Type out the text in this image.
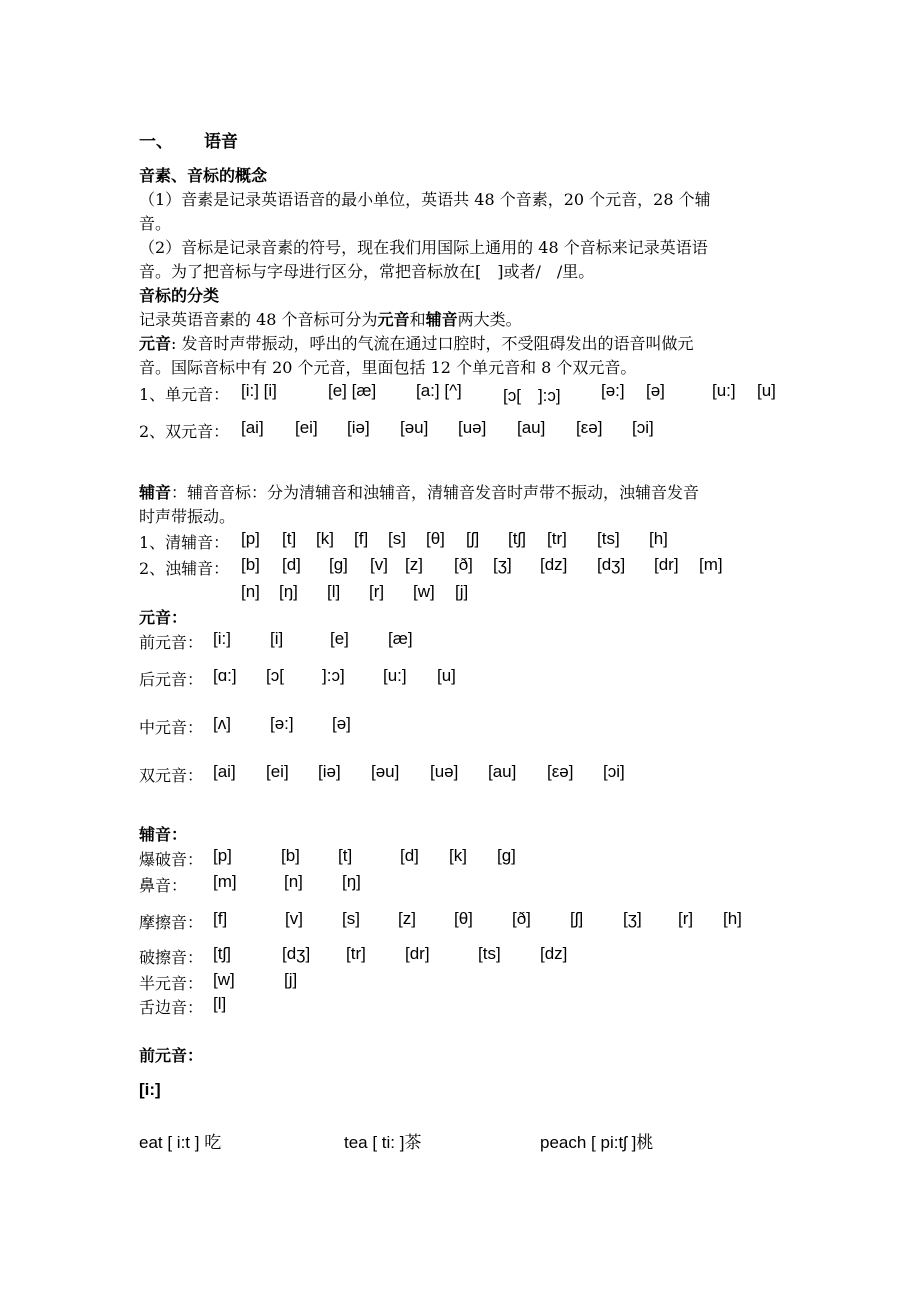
一、 语音
音素、音标的概念
（1）音素是记录英语语音的最小单位，英语共 48 个音素，20 个元音，28 个辅
音。
（2）音标是记录音素的符号，现在我们用国际上通用的 48 个音标来记录英语语
音。为了把音标与字母进行区分，常把音标放在[　]或者/　/里。
音标的分类
记录英语音素的 48 个音标可分为元音和辅音两大类。
元音: 发音时声带振动，呼出的气流在通过口腔时，不受阻碍发出的语音叫做元
音。国际音标中有 20 个元音，里面包括 12 个单元音和 8 个双元音。
1、单元音： [i:] [i]	[e] [æ] [a:] [^] [ɔ[　]:ɔ] [ə:] [ə]	[u:] [u]
2、双元音： [ai] [ei] [iə] [əu] [uə] [au] [εə] [ɔi]
辅音：辅音音标：分为清辅音和浊辅音，清辅音发音时声带不振动，浊辅音发音
时声带振动。
1、清辅音： [p] [t] [k] [f] [s] [θ] [ʃ] [tʃ] [tr] [ts] [h]
2、浊辅音： [b] [d] [g] [v] [z] [ð] [ʒ] [dz] [dʒ] [dr] [m]
[n] [ŋ] [l] [r] [w] [j]
元音：
前元音： [i:] [i]	[e] [æ]
后元音： [ɑ:] [ɔ[ ]:ɔ] [u:] [u]
中元音： [ʌ] [ə:] [ə]
双元音： [ai] [ei] [iə] [əu] [uə] [au] [εə] [ɔi]
辅音：
爆破音： [p]	[b] [t]	[d] [k] [g]
鼻音： [m]	[n] [ŋ]
摩擦音： [f]	[v] [s] [z] [θ] [ð] [ʃ] [ʒ] [r] [h]
破擦音： [tʃ]	[dʒ] [tr] [dr]	[ts] [dz]
半元音： [w]	[j]
舌边音： [l]
前元音：
[i:]
eat [ i:t ] 吃	tea [ ti: ]茶	peach [ pi:tʃ ]桃
